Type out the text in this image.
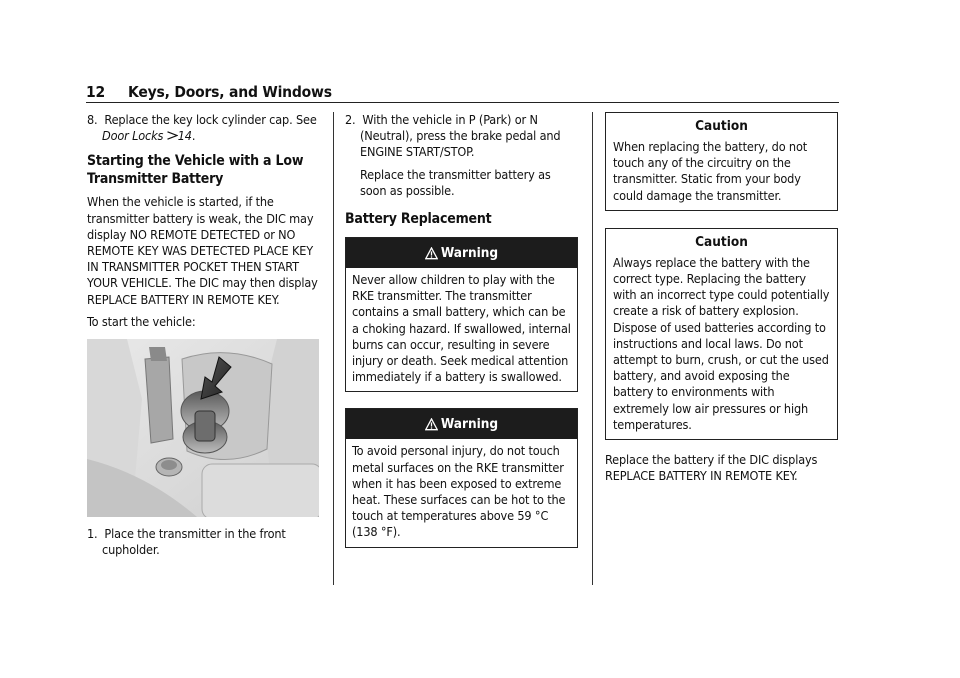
12 Keys, Doors, and Windows

8. Replace the key lock cylinder cap. See
Door Locks 14.

Starting the Vehicle with a Low Transmitter Battery

When the vehicle is started, if the transmitter battery is weak, the DIC may display NO REMOTE DETECTED or NO REMOTE KEY WAS DETECTED PLACE KEY IN TRANSMITTER POCKET THEN START YOUR VEHICLE. The DIC may then display REPLACE BATTERY IN REMOTE KEY.

To start the vehicle:

1. Place the transmitter in the front cupholder.

2. With the vehicle in P (Park) or N (Neutral), press the brake pedal and ENGINE START/STOP.

Replace the transmitter battery as soon as possible.

Battery Replacement
Warning

Never allow children to play with the RKE transmitter. The transmitter contains a small battery, which can be a choking hazard. If swallowed, internal burns can occur, resulting in severe injury or death. Seek medical attention immediately if a battery is swallowed.

Warning

To avoid personal injury, do not touch metal surfaces on the RKE transmitter when it has been exposed to extreme heat. These surfaces can be hot to the touch at temperatures above 59 °C (138 °F).

Caution

When replacing the battery, do not touch any of the circuitry on the transmitter. Static from your body could damage the transmitter.

Caution

Always replace the battery with the correct type. Replacing the battery with an incorrect type could potentially create a risk of battery explosion. Dispose of used batteries according to instructions and local laws. Do not attempt to burn, crush, or cut the used battery, and avoid exposing the battery to environments with extremely low air pressures or high temperatures.

Replace the battery if the DIC displays REPLACE BATTERY IN REMOTE KEY.
